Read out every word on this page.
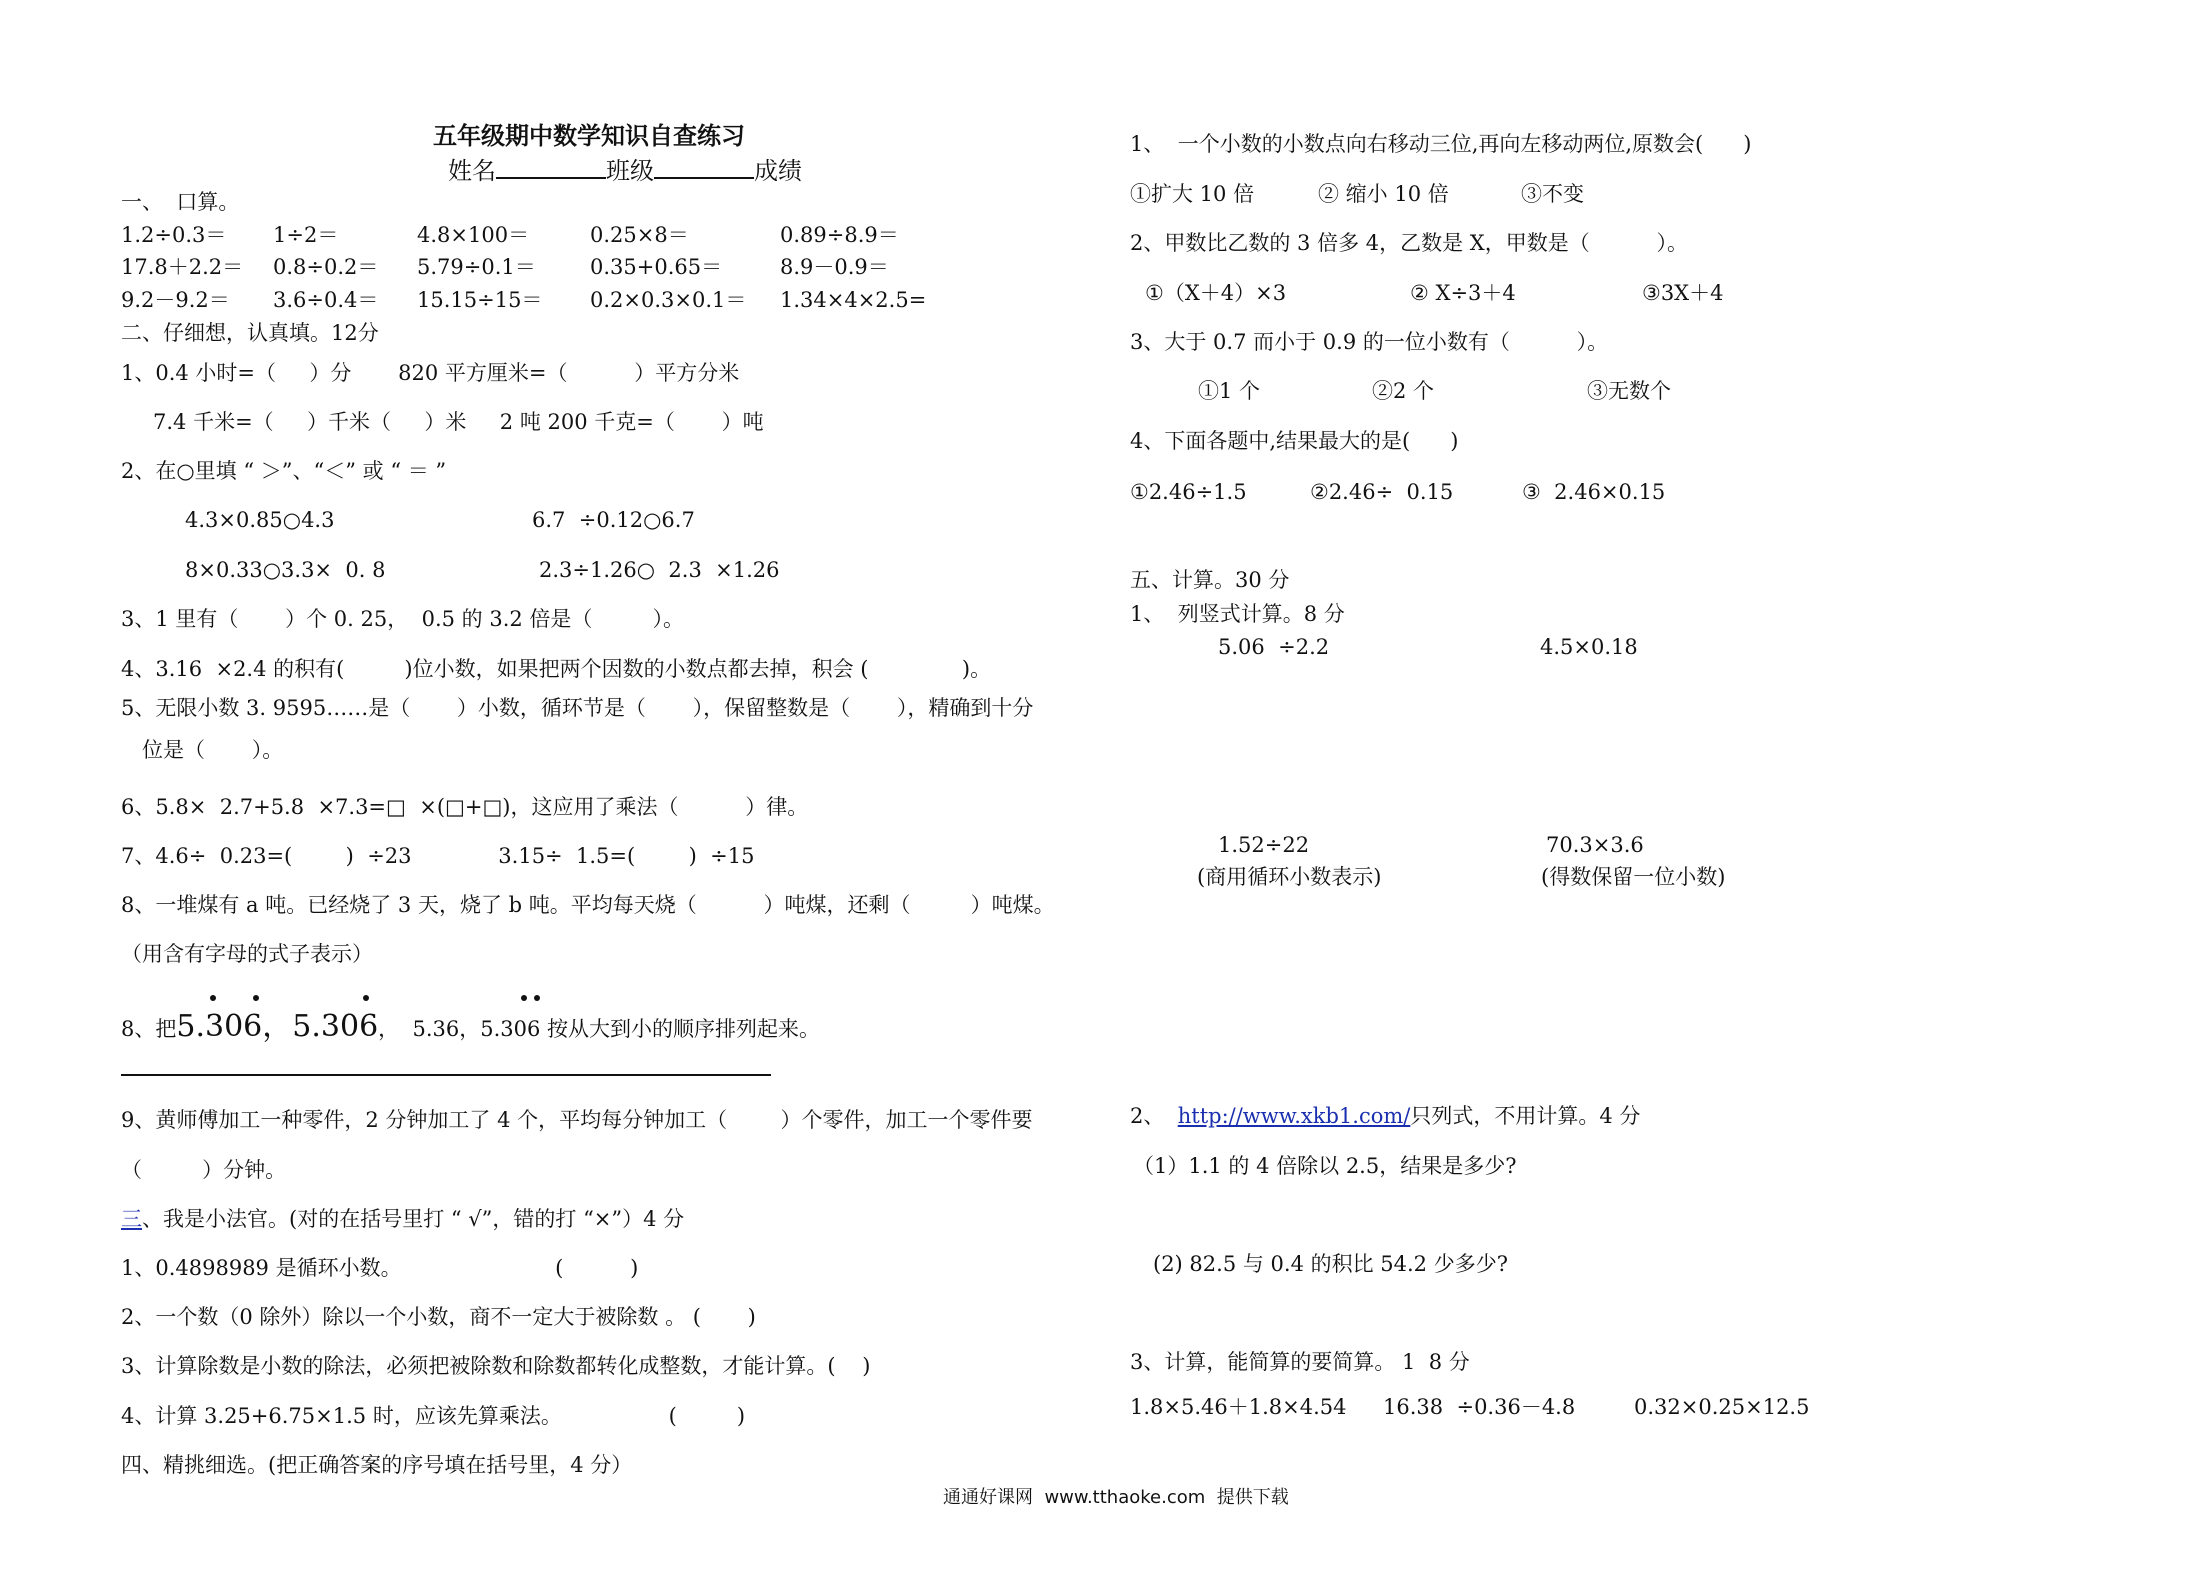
五年级期中数学知识自查练习
姓名	班级	成绩
一、  口算。
1.2÷0.3＝ 1÷2＝	4.8×100＝	0.25×8＝	0.89÷8.9＝
17.8＋2.2＝ 0.8÷0.2＝ 5.79÷0.1＝	0.35+0.65＝	8.9－0.9＝
9.2－9.2＝ 3.6÷0.4＝ 15.15÷15＝ 0.2×0.3×0.1＝ 1.34×4×2.5=
二、仔细想，认真填。12分
1、0.4 小时=（     ）分       820 平方厘米=（          ）平方分米
7.4 千米=（     ）千米（     ）米     2 吨 200 千克=（       ）吨
2、在○里填 “ ＞”、“＜” 或 “ ＝ ”
4.3×0.85○4.3	6.7  ÷0.12○6.7
8×0.33○3.3×  0. 8	2.3÷1.26○  2.3  ×1.26
3、1 里有（       ）个 0. 25，  0.5 的 3.2 倍是（         ）。
4、3.16  ×2.4 的积有(         )位小数，如果把两个因数的小数点都去掉，积会 (              )。
5、无限小数 3. 9595……是（       ）小数，循环节是（       ），保留整数是（       ），精确到十分
位是（       ）。
6、5.8×  2.7+5.8  ×7.3=□  ×(□+□)，这应用了乘法（          ）律。
7、4.6÷  0.23=(        )  ÷23             3.15÷  1.5=(        )  ÷15
8、一堆煤有 a 吨。已经烧了 3 天，烧了 b 吨。平均每天烧（          ）吨煤，还剩（         ）吨煤。
（用含有字母的式子表示）
8、把5.306，5.306，  5.36，5.306 按从大到小的顺序排列起来。
9、黄师傅加工一种零件，2 分钟加工了 4 个，平均每分钟加工（        ）个零件，加工一个零件要
（         ）分钟。
三、我是小法官。(对的在括号里打 “ √”，错的打 “×”）4 分
1、0.4898989 是循环小数。                       (          )
2、一个数（0 除外）除以一个小数，商不一定大于被除数 。 (       )
3、计算除数是小数的除法，必须把被除数和除数都转化成整数，才能计算。(    )
4、计算 3.25+6.75×1.5 时，应该先算乘法。                (         )
四、精挑细选。(把正确答案的序号填在括号里，4 分）
1、  一个小数的小数点向右移动三位,再向左移动两位,原数会(      )
①扩大 10 倍	② 缩小 10 倍	③不变
2、甲数比乙数的 3 倍多 4，乙数是 X，甲数是（          ）。
①（X＋4）×3	② X÷3＋4	③3X＋4
3、大于 0.7 而小于 0.9 的一位小数有（          ）。
①1 个	②2 个	③无数个
4、下面各题中,结果最大的是(      )
①2.46÷1.5	②2.46÷  0.15	③  2.46×0.15
五、计算。30 分
1、  列竖式计算。8 分
5.06  ÷2.2	4.5×0.18
1.52÷22	70.3×3.6
(商用循环小数表示)	(得数保留一位小数)
2、 http://www.xkb1.com/只列式，不用计算。4 分
（1）1.1 的 4 倍除以 2.5，结果是多少?
(2) 82.5 与 0.4 的积比 54.2 少多少?
3、计算，能简算的要简算。 1  8 分
1.8×5.46＋1.8×4.54 16.38  ÷0.36－4.8	0.32×0.25×12.5
通通好课网  www.tthaoke.com  提供下载
